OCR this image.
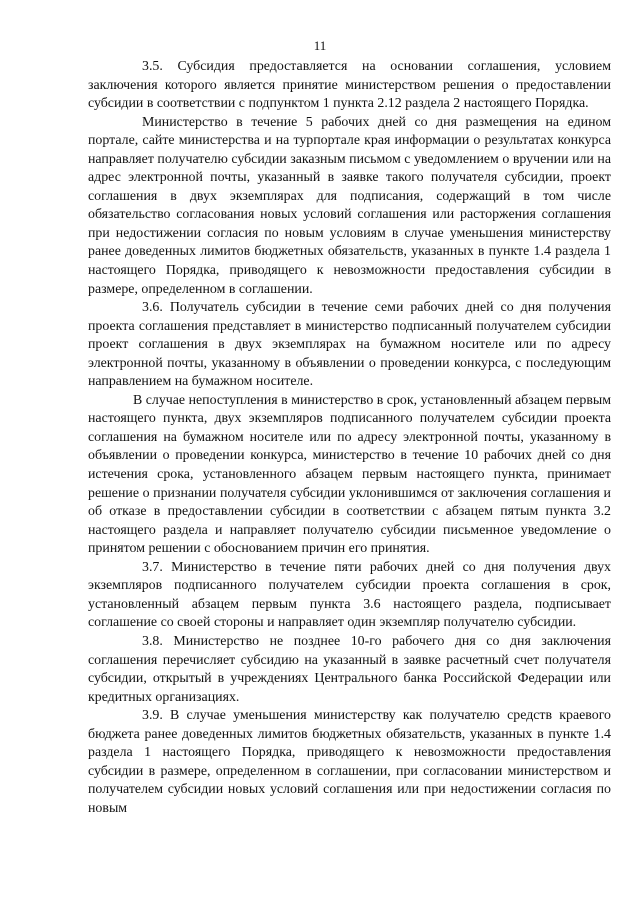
11

3.5. Субсидия предоставляется на основании соглашения, условием заключения которого является принятие министерством решения о предоставлении субсидии в соответствии с подпунктом 1 пункта 2.12 раздела 2 настоящего Порядка.

Министерство в течение 5 рабочих дней со дня размещения на едином портале, сайте министерства и на турпортале края информации о результатах конкурса направляет получателю субсидии заказным письмом с уведомлением о вручении или на адрес электронной почты, указанный в заявке такого получателя субсидии, проект соглашения в двух экземплярах для подписания, содержащий в том числе обязательство согласования новых условий соглашения или расторжения соглашения при недостижении согласия по новым условиям в случае уменьшения министерству ранее доведенных лимитов бюджетных обязательств, указанных в пункте 1.4 раздела 1 настоящего Порядка, приводящего к невозможности предоставления субсидии в размере, определенном в соглашении.

3.6. Получатель субсидии в течение семи рабочих дней со дня получения проекта соглашения представляет в министерство подписанный получателем субсидии проект соглашения в двух экземплярах на бумажном носителе или по адресу электронной почты, указанному в объявлении о проведении конкурса, с последующим направлением на бумажном носителе.

В случае непоступления в министерство в срок, установленный абзацем первым настоящего пункта, двух экземпляров подписанного получателем субсидии проекта соглашения на бумажном носителе или по адресу электронной почты, указанному в объявлении о проведении конкурса, министерство в течение 10 рабочих дней со дня истечения срока, установленного абзацем первым настоящего пункта, принимает решение о признании получателя субсидии уклонившимся от заключения соглашения и об отказе в предоставлении субсидии в соответствии с абзацем пятым пункта 3.2 настоящего раздела и направляет получателю субсидии письменное уведомление о принятом решении с обоснованием причин его принятия.

3.7. Министерство в течение пяти рабочих дней со дня получения двух экземпляров подписанного получателем субсидии проекта соглашения в срок, установленный абзацем первым пункта 3.6 настоящего раздела, подписывает соглашение со своей стороны и направляет один экземпляр получателю субсидии.

3.8. Министерство не позднее 10-го рабочего дня со дня заключения соглашения перечисляет субсидию на указанный в заявке расчетный счет получателя субсидии, открытый в учреждениях Центрального банка Российской Федерации или кредитных организациях.

3.9. В случае уменьшения министерству как получателю средств краевого бюджета ранее доведенных лимитов бюджетных обязательств, указанных в пункте 1.4 раздела 1 настоящего Порядка, приводящего к невозможности предоставления субсидии в размере, определенном в соглашении, при согласовании министерством и получателем субсидии новых условий соглашения или при недостижении согласия по новым
